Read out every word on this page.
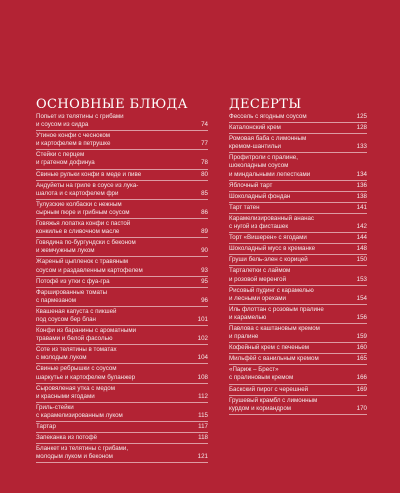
ОСНОВНЫЕ БЛЮДА
Попьет из телятины с грибами
и соусом из сидра	74
Утиное конфи с чесноком
и картофелем в петрушке	77
Стейки с перцем
и гратеном дофинуа	78
Свиные рульки конфи в меде и пиве	80
Андуйеты на гриле в соусе из лука-
шалота и с картофелем фри	85
Тулузские колбаски с нежным
сырным пюре и грибным соусом	86
Говяжья лопатка конфи с пастой
конкилье в сливочном масле	89
Говядина по-бургундски с беконом
и жемчужным луком	90
Жареный цыпленок с травяным
соусом и раздавленным картофелем	93
Потофё из утки с фуа-гра	95
Фаршированные томаты
с пармезаном	96
Квашеная капуста с пикшей
под соусом бер блан	101
Конфи из баранины с ароматными
травами и белой фасолью	102
Соте из телятины в томатах
с молодым луком	104
Свиные ребрышки с соусом
шаркутье и картофелем буланжер	108
Сыровяленая утка с медом
и красными ягодами	112
Гриль-стейки
с карамелизированным луком	115
Тартар	117
Запеканка из потофё	118
Бланкет из телятины с грибами,
молодым луком и беконом	121
ДЕСЕРТЫ
Фессель с ягодным соусом	125
Каталонский крем	128
Ромовая баба с лимонным
кремом-шантильи	133
Профитроли с пралине,
шоколадным соусом
и миндальными лепестками	134
Яблочный тарт	136
Шоколадный фондан	138
Тарт татен	141
Карамелизированный ананас
с нугой из фисташек	142
Торт «Вишерен» с ягодами	144
Шоколадный мусс в креманке	148
Груши бель-элен с корицей	150
Тарталетки с лаймом
и розовой меренгой	153
Рисовый пудинг с карамелью
и лесными орехами	154
Иль флоттан с розовым пралине
и карамелью	156
Павлова с каштановым кремом
и пралине	159
Кофейный крем с печеньем	160
Мильфёй с ванильным кремом	165
«Париж – Брест»
с пралиновым кремом	166
Баскский пирог с черешней	169
Грушевый крамбл с лимонным
курдом и кориандром	170
